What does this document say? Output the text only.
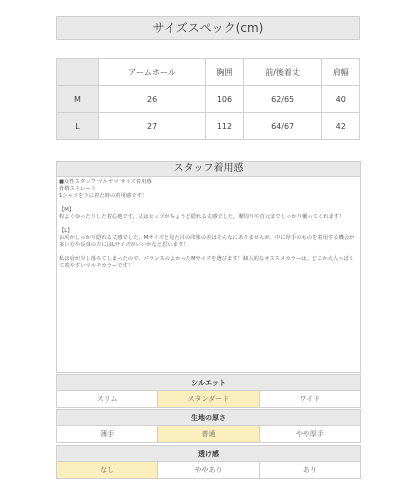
サイズスペック(cm)
	アームホール	胸囲	前/後着丈	肩幅
M	26	106	62/65	40
L	27	112	64/67	42
スタッフ着用感
■女性スタッフ マルヤマ サイズ着用感
骨格ストレート
1シャツを下に着た時の着用感です！

【M】
程よくゆったりした着心地です。丈はヒップがちょうど隠れる丈感でした。腰周りや首元までしっかり覆ってくれます！

【L】
お尻がしっかり隠れる丈感でした。Mサイズと見た目の印象の差はそんなにありませんが、中に厚手のものを着用する機会が多い方や長身の方にはLサイズがいいかなと思います！

私は肩が少し落ちてしまったので、バランスのよかったMサイズを選びます！個人的なオススメカラーは、どこか大人っぽくて着やすいマルチカラーです！
シルエット
スリム	スタンダード	ワイド
生地の厚さ
薄手	普通	やや厚手
透け感
なし	ややあり	あり
